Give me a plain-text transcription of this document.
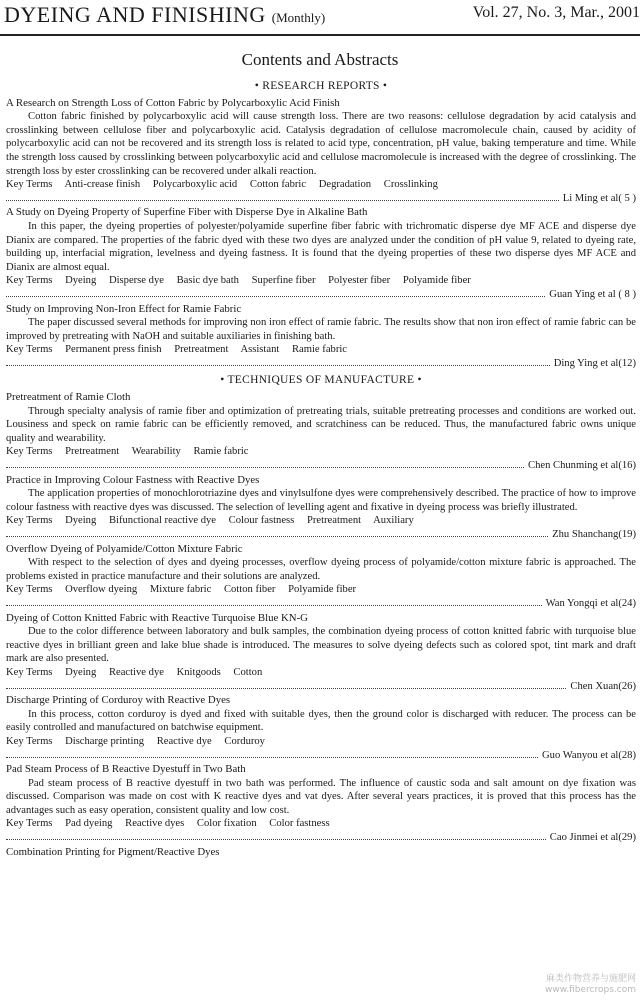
DYEING AND FINISHING (Monthly)	Vol. 27, No. 3, Mar., 2001
Contents and Abstracts
• RESEARCH REPORTS •
A Research on Strength Loss of Cotton Fabric by Polycarboxylic Acid Finish
Cotton fabric finished by polycarboxylic acid will cause strength loss. There are two reasons: cellulose degradation by acid catalysis and crosslinking between cellulose fiber and polycarboxylic acid. Catalysis degradation of cellulose macromolecule chain, caused by acidity of polycarboxylic acid can not be recovered and its strength loss is related to acid type, concentration, pH value, baking temperature and time. While the strength loss caused by crosslinking between polycarboxylic acid and cellulose macromolecule is increased with the degree of crosslinking. The strength loss by ester crosslinking can be recovered under alkali reaction.
Key Terms Anti-crease finish Polycarboxylic acid Cotton fabric Degradation Crosslinking
Li Ming et al( 5 )
A Study on Dyeing Property of Superfine Fiber with Disperse Dye in Alkaline Bath
In this paper, the dyeing properties of polyester/polyamide superfine fiber fabric with trichromatic disperse dye MF ACE and disperse dye Dianix are compared. The properties of the fabric dyed with these two dyes are analyzed under the condition of pH value 9, related to dyeing rate, building up, interfacial migration, levelness and dyeing fastness. It is found that the dyeing properties of these two disperse dyes MF ACE and Dianix are almost equal.
Key Terms Dyeing Disperse dye Basic dye bath Superfine fiber Polyester fiber Polyamide fiber
Guan Ying et al ( 8 )
Study on Improving Non-Iron Effect for Ramie Fabric
The paper discussed several methods for improving non iron effect of ramie fabric. The results show that non iron effect of ramie fabric can be improved by pretreating with NaOH and suitable auxiliaries in finishing bath.
Key Terms Permanent press finish Pretreatment Assistant Ramie fabric
Ding Ying et al(12)
• TECHNIQUES OF MANUFACTURE •
Pretreatment of Ramie Cloth
Through specialty analysis of ramie fiber and optimization of pretreating trials, suitable pretreating processes and conditions are worked out. Lousiness and speck on ramie fabric can be efficiently removed, and scratchiness can be reduced. Thus, the manufactured fabric owns unique quality and wearability.
Key Terms Pretreatment Wearability Ramie fabric
Chen Chunming et al(16)
Practice in Improving Colour Fastness with Reactive Dyes
The application properties of monochlorotriazine dyes and vinylsulfone dyes were comprehensively described. The practice of how to improve colour fastness with reactive dyes was discussed. The selection of levelling agent and fixative in dyeing process was briefly illustrated.
Key Terms Dyeing Bifunctional reactive dye Colour fastness Pretreatment Auxiliary
Zhu Shanchang(19)
Overflow Dyeing of Polyamide/Cotton Mixture Fabric
With respect to the selection of dyes and dyeing processes, overflow dyeing process of polyamide/cotton mixture fabric is approached. The problems existed in practice manufacture and their solutions are analyzed.
Key Terms Overflow dyeing Mixture fabric Cotton fiber Polyamide fiber
Wan Yongqi et al(24)
Dyeing of Cotton Knitted Fabric with Reactive Turquoise Blue KN-G
Due to the color difference between laboratory and bulk samples, the combination dyeing process of cotton knitted fabric with turquoise blue reactive dyes in brilliant green and lake blue shade is introduced. The measures to solve dyeing defects such as colored spot, tint mark and draft mark are also presented.
Key Terms Dyeing Reactive dye Knitgoods Cotton
Chen Xuan(26)
Discharge Printing of Corduroy with Reactive Dyes
In this process, cotton corduroy is dyed and fixed with suitable dyes, then the ground color is discharged with reducer. The process can be easily controlled and manufactured on batchwise equipment.
Key Terms Discharge printing Reactive dye Corduroy
Guo Wanyou et al(28)
Pad Steam Process of B Reactive Dyestuff in Two Bath
Pad steam process of B reactive dyestuff in two bath was performed. The influence of caustic soda and salt amount on dye fixation was discussed. Comparison was made on cost with K reactive dyes and vat dyes. After several years practices, it is proved that this process has the advantages such as easy operation, consistent quality and low cost.
Key Terms Pad dyeing Reactive dyes Color fixation Color fastness
Cao Jinmei et al(29)
Combination Printing for Pigment/Reactive Dyes
麻类作物营养与施肥网
www.fibercrops.com
